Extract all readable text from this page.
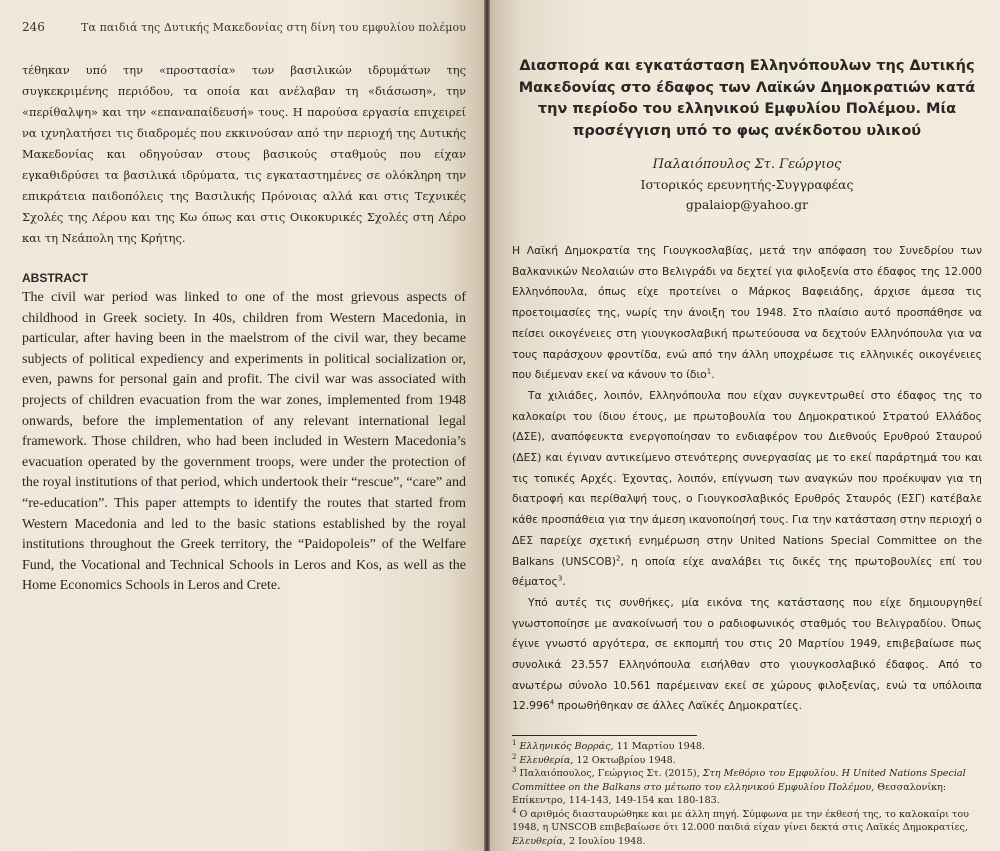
246	Τα παιδιά της Δυτικής Μακεδονίας στη δίνη του εμφυλίου πολέμου

τέθηκαν υπό την «προστασία» των βασιλικών ιδρυμάτων της συγκεκριμένης περιόδου, τα οποία και ανέλαβαν τη «διάσωση», την «περίθαλψη» και την «επαναπαίδευσή» τους. Η παρούσα εργασία επιχειρεί να ιχνηλατήσει τις διαδρομές που εκκινούσαν από την περιοχή της Δυτικής Μακεδονίας και οδηγούσαν στους βασικούς σταθμούς που είχαν εγκαθιδρύσει τα βασιλικά ιδρύματα, τις εγκαταστημένες σε ολόκληρη την επικράτεια παιδοπόλεις της Βασιλικής Πρόνοιας αλλά και στις Τεχνικές Σχολές της Λέρου και της Κω όπως και στις Οικοκυρικές Σχολές στη Λέρο και τη Νεάπολη της Κρήτης.

ABSTRACT

The civil war period was linked to one of the most grievous aspects of childhood in Greek society. In 40s, children from Western Macedonia, in particular, after having been in the maelstrom of the civil war, they became subjects of political expediency and experiments in political socialization or, even, pawns for personal gain and profit. The civil war was associated with projects of children evacuation from the war zones, implemented from 1948 onwards, before the implementation of any relevant international legal framework. Those children, who had been included in Western Macedonia’s evacuation operated by the government troops, were under the protection of the royal institutions of that period, which undertook their “rescue”, “care” and “re-education”. This paper attempts to identify the routes that started from Western Macedonia and led to the basic stations established by the royal institutions throughout the Greek territory, the “Paidopoleis” of the Welfare Fund, the Vocational and Technical Schools in Leros and Kos, as well as the Home Economics Schools in Leros and Crete.

Διασπορά και εγκατάσταση Ελληνόπουλων της Δυτικής Μακεδονίας στο έδαφος των Λαϊκών Δημοκρατιών κατά την περίοδο του ελληνικού Εμφυλίου Πολέμου. Μία προσέγγιση υπό το φως ανέκδοτου υλικού
Παλαιόπουλος Στ. Γεώργιος
Ιστορικός ερευνητής-Συγγραφέας
gpalaiop@yahoo.gr

Η Λαϊκή Δημοκρατία της Γιουγκοσλαβίας, μετά την απόφαση του Συνεδρίου των Βαλκανικών Νεολαιών στο Βελιγράδι να δεχτεί για φιλοξενία στο έδαφος της 12.000 Ελληνόπουλα, όπως είχε προτείνει ο Μάρκος Βαφειάδης, άρχισε άμεσα τις προετοιμασίες της, νωρίς την άνοιξη του 1948. Στο πλαίσιο αυτό προσπάθησε να πείσει οικογένειες στη γιουγκοσλαβική πρωτεύουσα να δεχτούν Ελληνόπουλα για να τους παράσχουν φροντίδα, ενώ από την άλλη υποχρέωσε τις ελληνικές οικογένειες που διέμεναν εκεί να κάνουν το ίδιο$^1$.

Τα χιλιάδες, λοιπόν, Ελληνόπουλα που είχαν συγκεντρωθεί στο έδαφος της το καλοκαίρι του ίδιου έτους, με πρωτοβουλία του Δημοκρατικού Στρατού Ελλάδος (ΔΣΕ), αναπόφευκτα ενεργοποίησαν το ενδιαφέρον του Διεθνούς Ερυθρού Σταυρού (ΔΕΣ) και έγιναν αντικείμενο στενότερης συνεργασίας με το εκεί παράρτημά του και τις τοπικές Αρχές. Έχοντας, λοιπόν, επίγνωση των αναγκών που προέκυψαν για τη διατροφή και περίθαλψή τους, ο Γιουγκοσλαβικός Ερυθρός Σταυρός (ΕΣΓ) κατέβαλε κάθε προσπάθεια για την άμεση ικανοποίησή τους. Για την κατάσταση στην περιοχή ο ΔΕΣ παρείχε σχετική ενημέρωση στην United Nations Special Committee on the Balkans (UNSCOB)$^2$, η οποία είχε αναλάβει τις δικές της πρωτοβουλίες επί του θέματος$^3$.

Υπό αυτές τις συνθήκες, μία εικόνα της κατάστασης που είχε δημιουργηθεί γνωστοποίησε με ανακοίνωσή του ο ραδιοφωνικός σταθμός του Βελιγραδίου. Όπως έγινε γνωστό αργότερα, σε εκπομπή του στις 20 Μαρτίου 1949, επιβεβαίωσε πως συνολικά 23.557 Ελληνόπουλα εισήλθαν στο γιουγκοσλαβικό έδαφος. Από το ανωτέρω σύνολο 10.561 παρέμειναν εκεί σε χώρους φιλοξενίας, ενώ τα υπόλοιπα 12.996$^4$ προωθήθηκαν σε άλλες Λαϊκές Δημοκρατίες.

$^1$ Ελληνικός Βορράς, 11 Μαρτίου 1948.

$^2$ Ελευθερία, 12 Οκτωβρίου 1948.

$^3$ Παλαιόπουλος, Γεώργιος Στ. (2015), Στη Μεθόριο του Εμφυλίου. Η United Nations Special Committee on the Balkans στο μέτωπο του ελληνικού Εμφυλίου Πολέμου, Θεσσαλονίκη: Επίκεντρο, 114-143, 149-154 και 180-183.

$^4$ Ο αριθμός διασταυρώθηκε και με άλλη πηγή. Σύμφωνα με την έκθεσή της, το καλοκαίρι του 1948, η UNSCOB επιβεβαίωσε ότι 12.000 παιδιά είχαν γίνει δεκτά στις Λαϊκές Δημοκρατίες, Ελευθερία, 2 Ιουλίου 1948.
